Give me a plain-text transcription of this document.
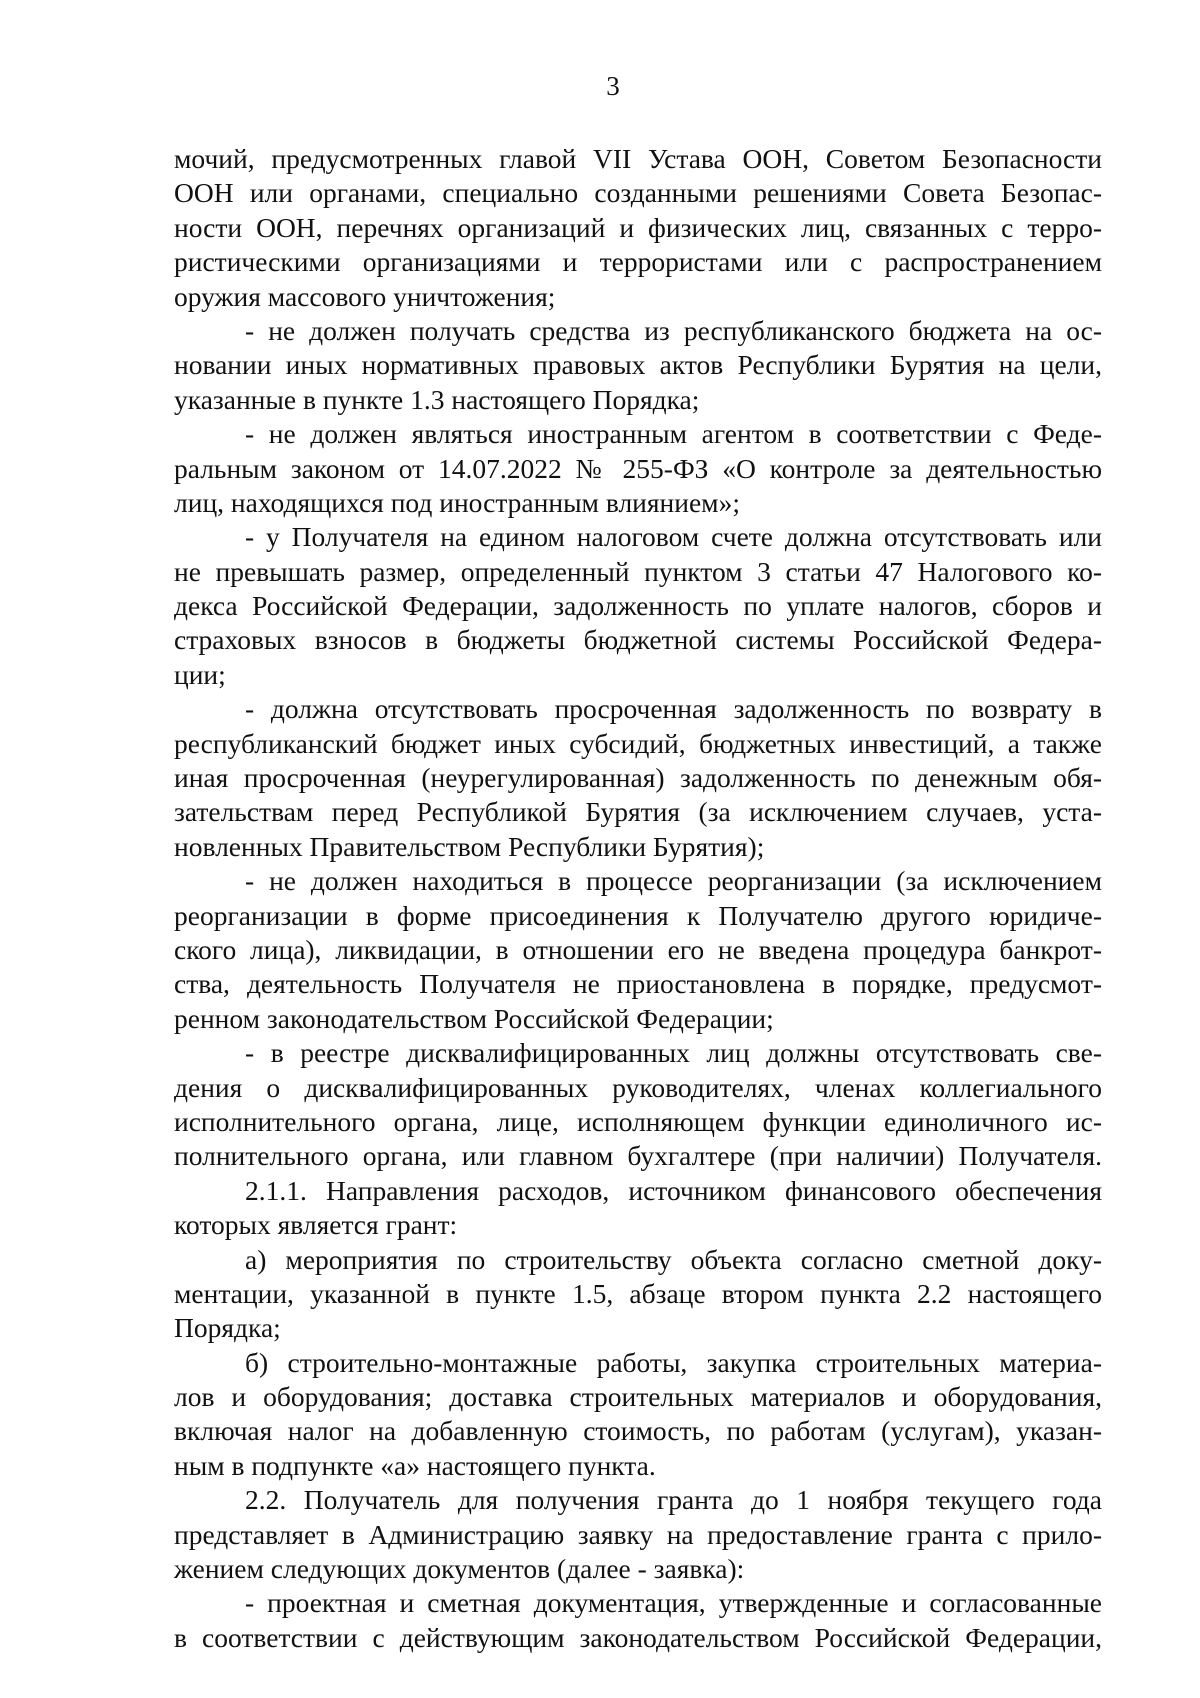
3
мочий, предусмотренных главой VII Устава ООН, Советом Безопасности
ООН или органами, специально созданными решениями Совета Безопас-
ности ООН, перечнях организаций и физических лиц, связанных с терро-
ристическими организациями и террористами или с распространением
оружия массового уничтожения;
- не должен получать средства из республиканского бюджета на ос-
новании иных нормативных правовых актов Республики Бурятия на цели,
указанные в пункте 1.3 настоящего Порядка;
- не должен являться иностранным агентом в соответствии с Феде-
ральным законом от 14.07.2022 № 255-ФЗ «О контроле за деятельностью
лиц, находящихся под иностранным влиянием»;
- у Получателя на едином налоговом счете должна отсутствовать или
не превышать размер, определенный пунктом 3 статьи 47 Налогового ко-
декса Российской Федерации, задолженность по уплате налогов, сборов и
страховых взносов в бюджеты бюджетной системы Российской Федера-
ции;
- должна отсутствовать просроченная задолженность по возврату в
республиканский бюджет иных субсидий, бюджетных инвестиций, а также
иная просроченная (неурегулированная) задолженность по денежным обя-
зательствам перед Республикой Бурятия (за исключением случаев, уста-
новленных Правительством Республики Бурятия);
- не должен находиться в процессе реорганизации (за исключением
реорганизации в форме присоединения к Получателю другого юридиче-
ского лица), ликвидации, в отношении его не введена процедура банкрот-
ства, деятельность Получателя не приостановлена в порядке, предусмот-
ренном законодательством Российской Федерации;
- в реестре дисквалифицированных лиц должны отсутствовать све-
дения о дисквалифицированных руководителях, членах коллегиального
исполнительного органа, лице, исполняющем функции единоличного ис-
полнительного органа, или главном бухгалтере (при наличии) Получателя.
2.1.1. Направления расходов, источником финансового обеспечения
которых является грант:
а) мероприятия по строительству объекта согласно сметной доку-
ментации, указанной в пункте 1.5, абзаце втором пункта 2.2 настоящего
Порядка;
б) строительно-монтажные работы, закупка строительных материа-
лов и оборудования; доставка строительных материалов и оборудования,
включая налог на добавленную стоимость, по работам (услугам), указан-
ным в подпункте «а» настоящего пункта.
2.2. Получатель для получения гранта до 1 ноября текущего года
представляет в Администрацию заявку на предоставление гранта с прило-
жением следующих документов (далее - заявка):
- проектная и сметная документация, утвержденные и согласованные
в соответствии с действующим законодательством Российской Федерации,
